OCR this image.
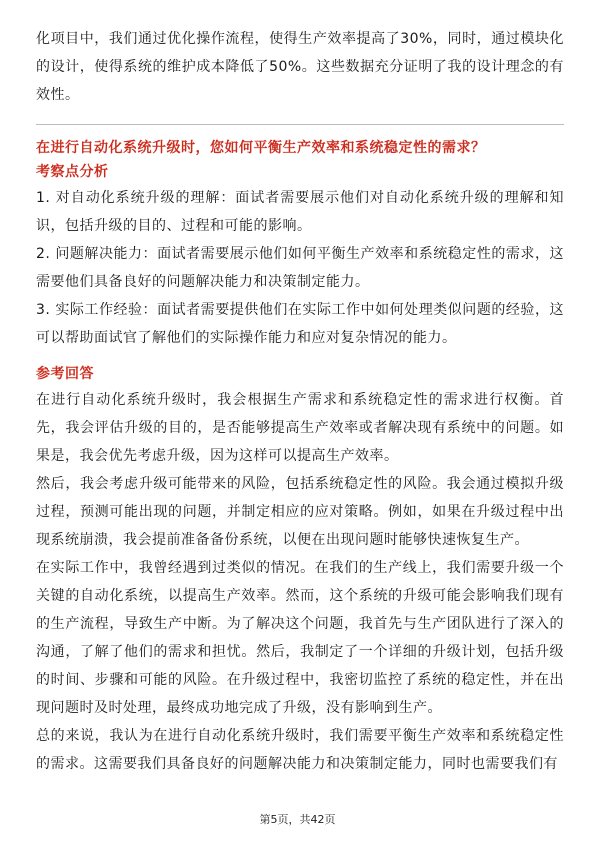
化项目中，我们通过优化操作流程，使得生产效率提高了30%，同时，通过模块化的设计，使得系统的维护成本降低了50%。这些数据充分证明了我的设计理念的有效性。

在进行自动化系统升级时，您如何平衡生产效率和系统稳定性的需求？
考察点分析

1. 对自动化系统升级的理解：面试者需要展示他们对自动化系统升级的理解和知识，包括升级的目的、过程和可能的影响。

2. 问题解决能力：面试者需要展示他们如何平衡生产效率和系统稳定性的需求，这需要他们具备良好的问题解决能力和决策制定能力。

3. 实际工作经验：面试者需要提供他们在实际工作中如何处理类似问题的经验，这可以帮助面试官了解他们的实际操作能力和应对复杂情况的能力。

参考回答

在进行自动化系统升级时，我会根据生产需求和系统稳定性的需求进行权衡。首先，我会评估升级的目的，是否能够提高生产效率或者解决现有系统中的问题。如果是，我会优先考虑升级，因为这样可以提高生产效率。

然后，我会考虑升级可能带来的风险，包括系统稳定性的风险。我会通过模拟升级过程，预测可能出现的问题，并制定相应的应对策略。例如，如果在升级过程中出现系统崩溃，我会提前准备备份系统，以便在出现问题时能够快速恢复生产。

在实际工作中，我曾经遇到过类似的情况。在我们的生产线上，我们需要升级一个关键的自动化系统，以提高生产效率。然而，这个系统的升级可能会影响我们现有的生产流程，导致生产中断。为了解决这个问题，我首先与生产团队进行了深入的沟通，了解了他们的需求和担忧。然后，我制定了一个详细的升级计划，包括升级的时间、步骤和可能的风险。在升级过程中，我密切监控了系统的稳定性，并在出现问题时及时处理，最终成功地完成了升级，没有影响到生产。

总的来说，我认为在进行自动化系统升级时，我们需要平衡生产效率和系统稳定性的需求。这需要我们具备良好的问题解决能力和决策制定能力，同时也需要我们有

第5页，共42页
